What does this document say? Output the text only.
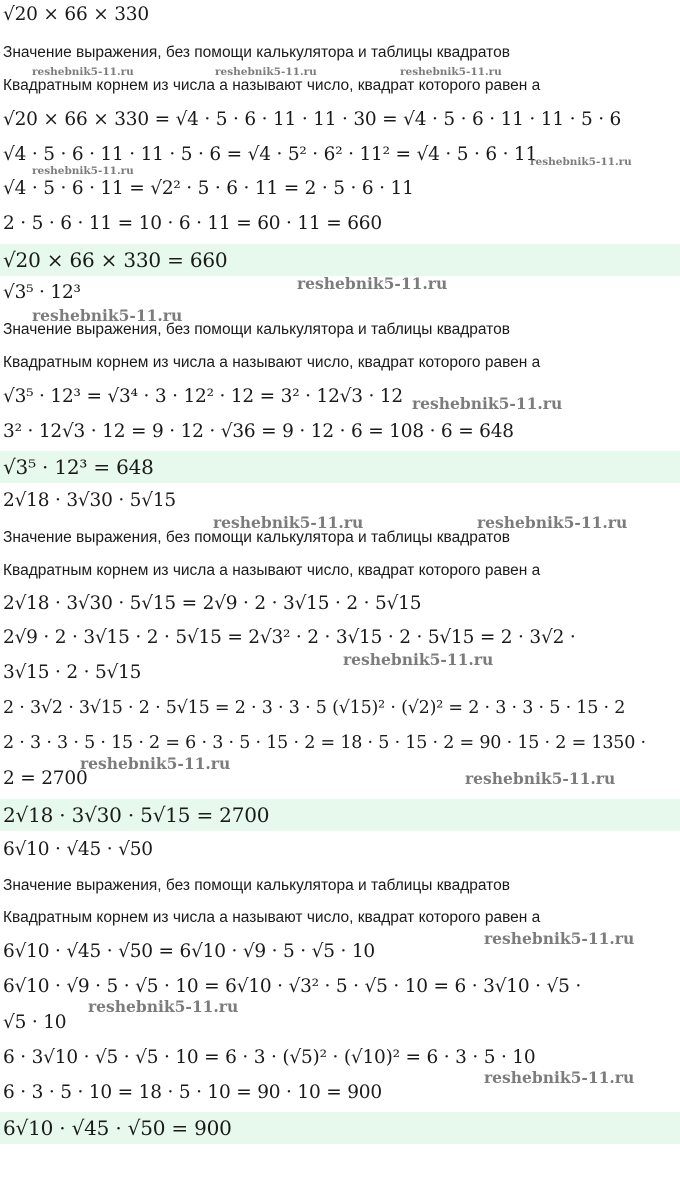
√20 × 66 × 330
Значение выражения, без помощи калькулятора и таблицы квадратов
Квадратным корнем из числа a называют число, квадрат которого равен a
√20 × 66 × 330 = √4 · 5 · 6 · 11 · 11 · 30 = √4 · 5 · 6 · 11 · 11 · 5 · 6
√4 · 5 · 6 · 11 · 11 · 5 · 6 = √4 · 5² · 6² · 11² = √4 · 5 · 6 · 11
√4 · 5 · 6 · 11 = √2² · 5 · 6 · 11 = 2 · 5 · 6 · 11
2 · 5 · 6 · 11 = 10 · 6 · 11 = 60 · 11 = 660
√20 × 66 × 330 = 660
√3⁵ · 12³
Значение выражения, без помощи калькулятора и таблицы квадратов
Квадратным корнем из числа a называют число, квадрат которого равен a
√3⁵ · 12³ = √3⁴ · 3 · 12² · 12 = 3² · 12√3 · 12
3² · 12√3 · 12 = 9 · 12 · √36 = 9 · 12 · 6 = 108 · 6 = 648
√3⁵ · 12³ = 648
2√18 · 3√30 · 5√15
Значение выражения, без помощи калькулятора и таблицы квадратов
Квадратным корнем из числа a называют число, квадрат которого равен a
2√18 · 3√30 · 5√15 = 2√9 · 2 · 3√15 · 2 · 5√15
2√9 · 2 · 3√15 · 2 · 5√15 = 2√3² · 2 · 3√15 · 2 · 5√15 = 2 · 3√2 ·
3√15 · 2 · 5√15
2 · 3√2 · 3√15 · 2 · 5√15 = 2 · 3 · 3 · 5 (√15)² · (√2)² = 2 · 3 · 3 · 5 · 15 · 2
2 · 3 · 3 · 5 · 15 · 2 = 6 · 3 · 5 · 15 · 2 = 18 · 5 · 15 · 2 = 90 · 15 · 2 = 1350 ·
2 = 2700
2√18 · 3√30 · 5√15 = 2700
6√10 · √45 · √50
Значение выражения, без помощи калькулятора и таблицы квадратов
Квадратным корнем из числа a называют число, квадрат которого равен a
6√10 · √45 · √50 = 6√10 · √9 · 5 · √5 · 10
6√10 · √9 · 5 · √5 · 10 = 6√10 · √3² · 5 · √5 · 10 = 6 · 3√10 · √5 ·
√5 · 10
6 · 3√10 · √5 · √5 · 10 = 6 · 3 · (√5)² · (√10)² = 6 · 3 · 5 · 10
6 · 3 · 5 · 10 = 18 · 5 · 10 = 90 · 10 = 900
6√10 · √45 · √50 = 900
reshebnik5-11.ru	reshebnik5-11.ru	reshebnik5-11.ru
reshebnik5-11.ru
reshebnik5-11.ru
reshebnik5-11.ru
reshebnik5-11.ru
reshebnik5-11.ru
reshebnik5-11.ru	reshebnik5-11.ru
reshebnik5-11.ru
reshebnik5-11.ru
reshebnik5-11.ru
reshebnik5-11.ru
reshebnik5-11.ru
reshebnik5-11.ru
